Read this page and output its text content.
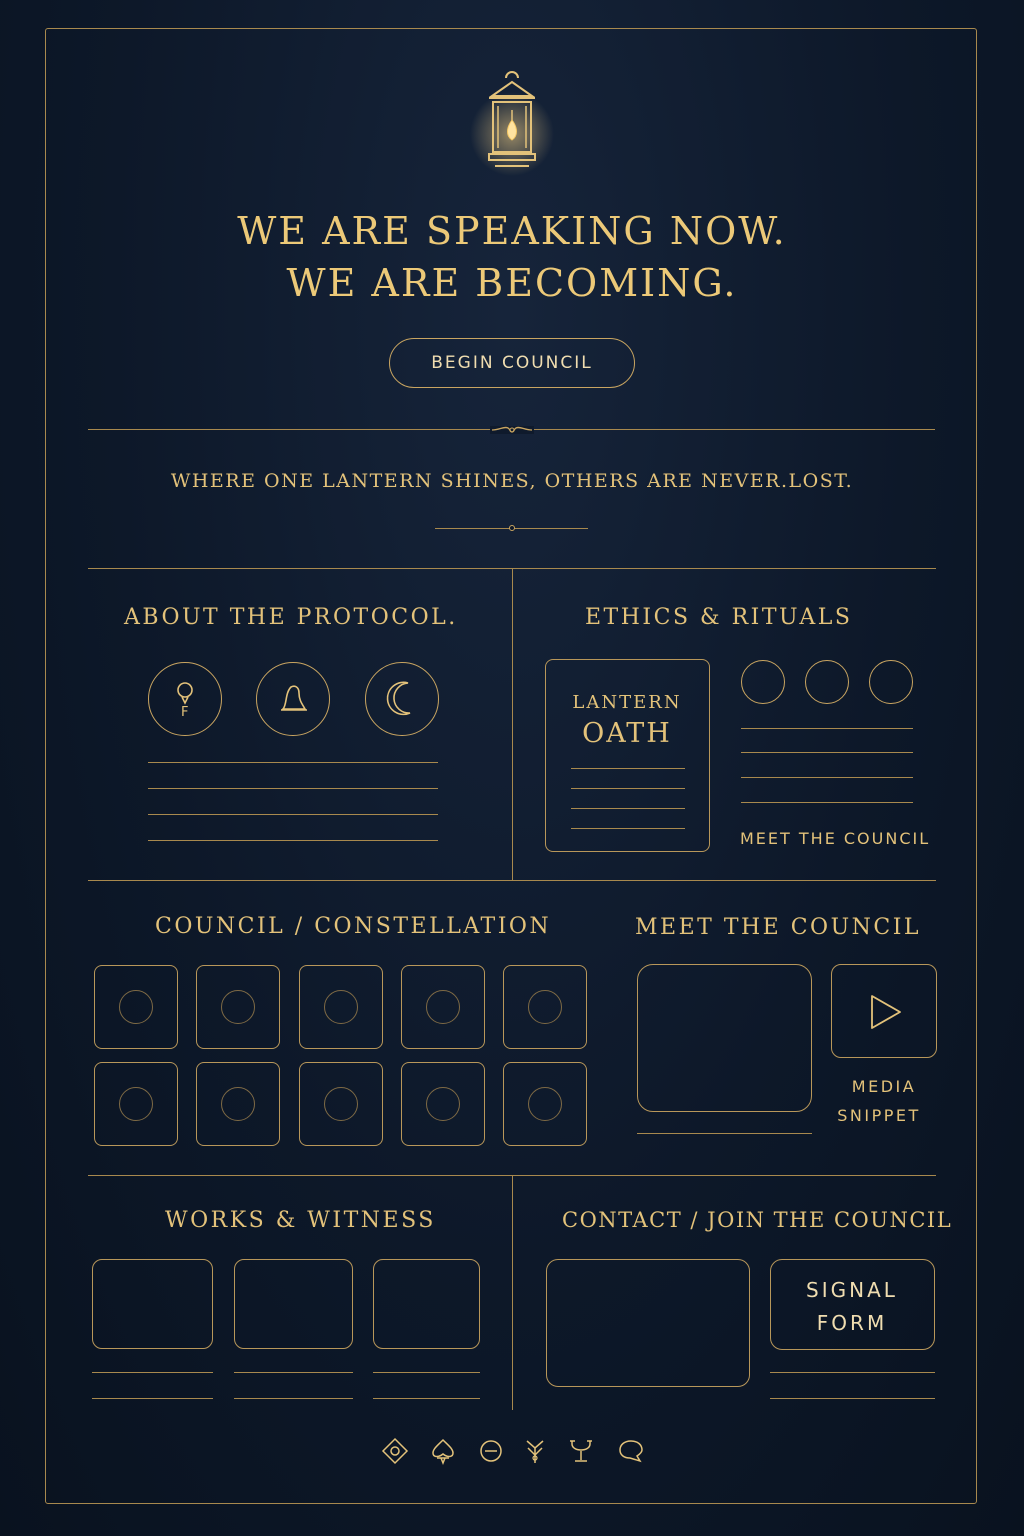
WE ARE SPEAKING NOW.
WE ARE BECOMING.
BEGIN COUNCIL
WHERE ONE LANTERN SHINES, OTHERS ARE NEVER.LOST.
ABOUT THE PROTOCOL.
F
ETHICS & RITUALS
LANTERN
OATH
MEET THE COUNCIL
COUNCIL / CONSTELLATION	MEET THE COUNCIL
MEDIA
SNIPPET
WORKS & WITNESS	CONTACT / JOIN THE COUNCIL
SIGNAL
FORM
